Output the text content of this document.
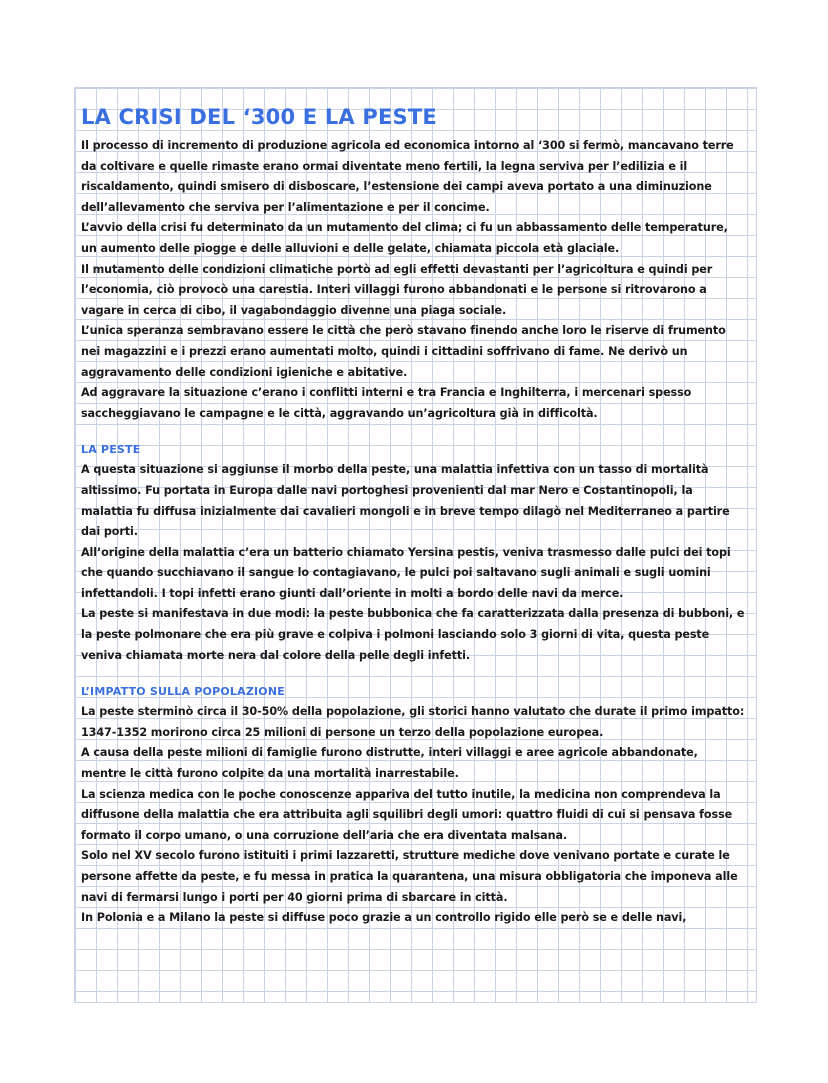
LA CRISI DEL ‘300 E LA PESTE

Il processo di incremento di produzione agricola ed economica intorno al ‘300 si fermò, mancavano terre da coltivare e quelle rimaste erano ormai diventate meno fertili, la legna serviva per l’edilizia e il riscaldamento, quindi smisero di disboscare, l’estensione dei campi aveva portato a una diminuzione dell’allevamento che serviva per l’alimentazione e per il concime.

L’avvio della crisi fu determinato da un mutamento del clima; ci fu un abbassamento delle temperature, un aumento delle piogge e delle alluvioni e delle gelate, chiamata piccola età glaciale.

Il mutamento delle condizioni climatiche portò ad egli effetti devastanti per l’agricoltura e quindi per l’economia, ciò provocò una carestia. Interi villaggi furono abbandonati e le persone si ritrovarono a vagare in cerca di cibo, il vagabondaggio divenne una piaga sociale.

L’unica speranza sembravano essere le città che però stavano finendo anche loro le riserve di frumento nei magazzini e i prezzi erano aumentati molto, quindi i cittadini soffrivano di fame. Ne derivò un aggravamento delle condizioni igieniche e abitative.

Ad aggravare la situazione c’erano i conflitti interni e tra Francia e Inghilterra, i mercenari spesso saccheggiavano le campagne e le città, aggravando un’agricoltura già in difficoltà.

LA PESTE

A questa situazione si aggiunse il morbo della peste, una malattia infettiva con un tasso di mortalità altissimo. Fu portata in Europa dalle navi portoghesi provenienti dal mar Nero e Costantinopoli, la malattia fu diffusa inizialmente dai cavalieri mongoli e in breve tempo dilagò nel Mediterraneo a partire dai porti.

All’origine della malattia c’era un batterio chiamato Yersina pestis, veniva trasmesso dalle pulci dei topi che quando succhiavano il sangue lo contagiavano, le pulci poi saltavano sugli animali e sugli uomini infettandoli. I topi infetti erano giunti dall’oriente in molti a bordo delle navi da merce.

La peste si manifestava in due modi: la peste bubbonica che fa caratterizzata dalla presenza di bubboni, e la peste polmonare che era più grave e colpiva i polmoni lasciando solo 3 giorni di vita, questa peste veniva chiamata morte nera dal colore della pelle degli infetti.

L’IMPATTO SULLA POPOLAZIONE

La peste sterminò circa il 30-50% della popolazione, gli storici hanno valutato che durate il primo impatto: 1347-1352 morirono circa 25 milioni di persone un terzo della popolazione europea.

A causa della peste milioni di famiglie furono distrutte, interi villaggi e aree agricole abbandonate, mentre le città furono colpite da una mortalità inarrestabile.

La scienza medica con le poche conoscenze appariva del tutto inutile, la medicina non comprendeva la diffusone della malattia che era attribuita agli squilibri degli umori: quattro fluidi di cui si pensava fosse formato il corpo umano, o una corruzione dell’aria che era diventata malsana.

Solo nel XV secolo furono istituiti i primi lazzaretti, strutture mediche dove venivano portate e curate le persone affette da peste, e fu messa in pratica la quarantena, una misura obbligatoria che imponeva alle navi di fermarsi lungo i porti per 40 giorni prima di sbarcare in città.

In Polonia e a Milano la peste si diffuse poco grazie a un controllo rigido elle però se e delle navi,
